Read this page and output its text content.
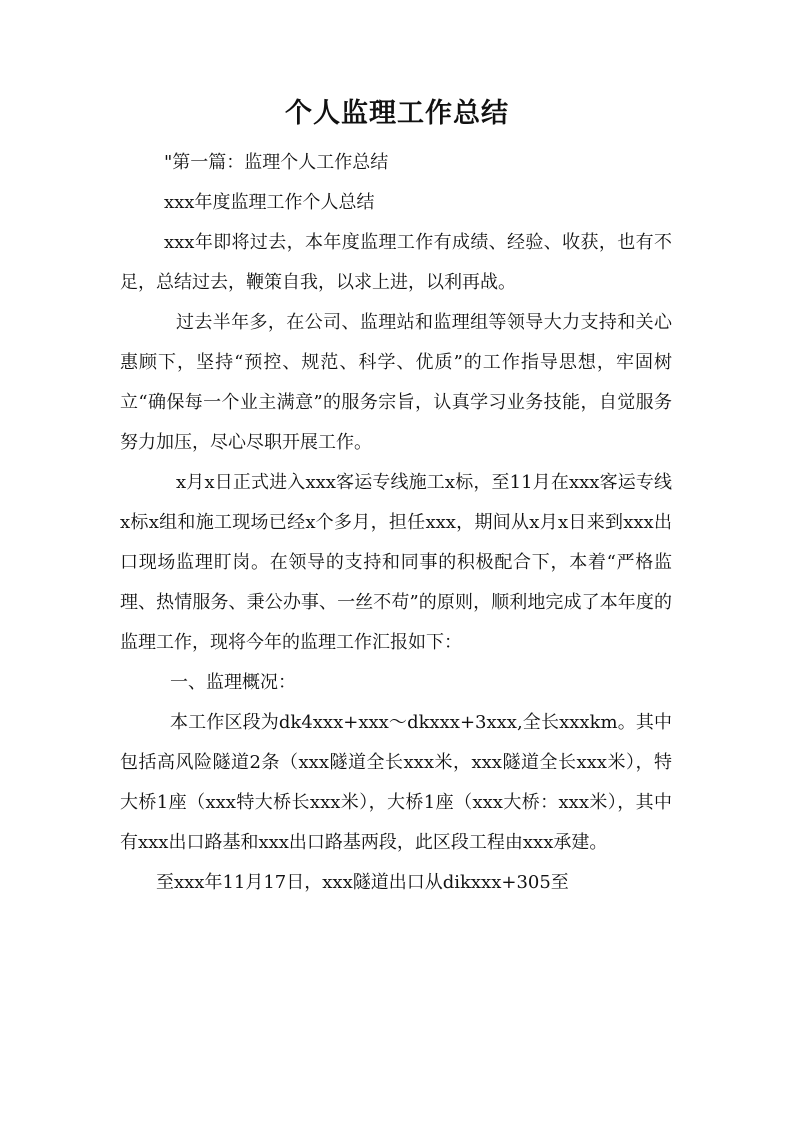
个人监理工作总结

"第一篇：监理个人工作总结

xxx年度监理工作个人总结

xxx年即将过去，本年度监理工作有成绩、经验、收获，也有不足，总结过去，鞭策自我，以求上进，以利再战。

过去半年多，在公司、监理站和监理组等领导大力支持和关心惠顾下，坚持“预控、规范、科学、优质”的工作指导思想，牢固树立“确保每一个业主满意”的服务宗旨，认真学习业务技能，自觉服务努力加压，尽心尽职开展工作。

x月x日正式进入xxx客运专线施工x标，至11月在xxx客运专线x标x组和施工现场已经x个多月，担任xxx，期间从x月x日来到xxx出口现场监理盯岗。在领导的支持和同事的积极配合下，本着“严格监理、热情服务、秉公办事、一丝不苟”的原则，顺利地完成了本年度的监理工作，现将今年的监理工作汇报如下：

一、监理概况：

本工作区段为dk4xxx+xxx～dkxxx+3xxx,全长xxxkm。其中包括高风险隧道2条（xxx隧道全长xxx米，xxx隧道全长xxx米），特大桥1座（xxx特大桥长xxx米），大桥1座（xxx大桥：xxx米），其中有xxx出口路基和xxx出口路基两段，此区段工程由xxx承建。

至xxx年11月17日，xxx隧道出口从dikxxx+305至
